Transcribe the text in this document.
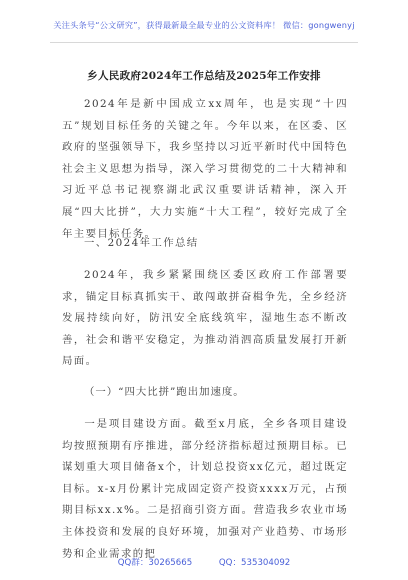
关注头条号“公文研究”，获得最新最全最专业的公文资料库！ 微信：gongwenyj
乡人民政府2024年工作总结及2025年工作安排
2024年是新中国成立xx周年，也是实现“十四五”规划目标任务的关键之年。今年以来，在区委、区政府的坚强领导下，我乡坚持以习近平新时代中国特色社会主义思想为指导，深入学习贯彻党的二十大精神和习近平总书记视察湖北武汉重要讲话精神，深入开展“四大比拼”，大力实施“十大工程”，较好完成了全年主要目标任务。
一、2024年工作总结
2024年，我乡紧紧围绕区委区政府工作部署要求，锚定目标真抓实干、敢闯敢拼奋楫争先，全乡经济发展持续向好，防汛安全底线筑牢，湿地生态不断改善，社会和谐平安稳定，为推动消泗高质量发展打开新局面。
（一）“四大比拼”跑出加速度。
一是项目建设方面。截至x月底，全乡各项目建设均按照预期有序推进，部分经济指标超过预期目标。已谋划重大项目储备x个，计划总投资xx亿元，超过既定目标。x-x月份累计完成固定资产投资xxxx万元，占预期目标xx.x%。二是招商引资方面。营造我乡农业市场主体投资和发展的良好环境，加强对产业趋势、市场形势和企业需求的把
QQ群：30265665	QQ：535304092
